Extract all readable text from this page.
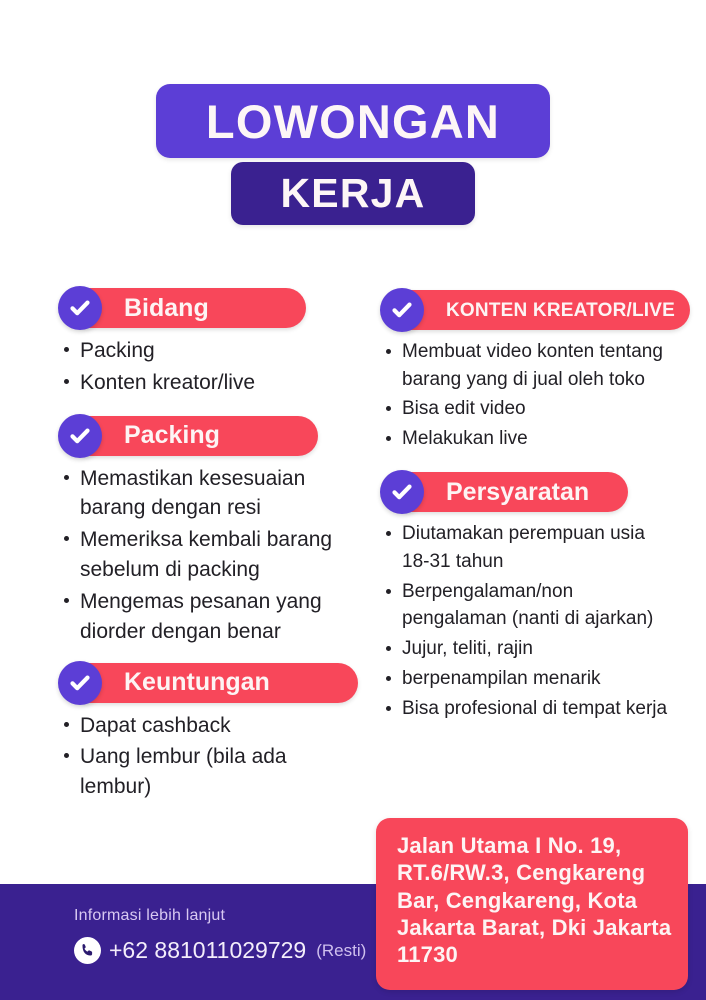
LOWONGAN
KERJA
Bidang
Packing
Konten kreator/live
Packing
Memastikan kesesuaian barang dengan resi
Memeriksa kembali barang sebelum di packing
Mengemas pesanan yang diorder dengan benar
Keuntungan
Dapat cashback
Uang lembur (bila ada lembur)
KONTEN KREATOR/LIVE
Membuat video konten tentang barang yang di jual oleh toko
Bisa edit video
Melakukan live
Persyaratan
Diutamakan perempuan usia 18-31 tahun
Berpengalaman/non pengalaman (nanti di ajarkan)
Jujur, teliti, rajin
berpenampilan menarik
Bisa profesional di tempat kerja
Informasi lebih lanjut
+62 881011029729 (Resti)
Jalan Utama I No. 19, RT.6/RW.3, Cengkareng Bar, Cengkareng, Kota Jakarta Barat, Dki Jakarta 11730
